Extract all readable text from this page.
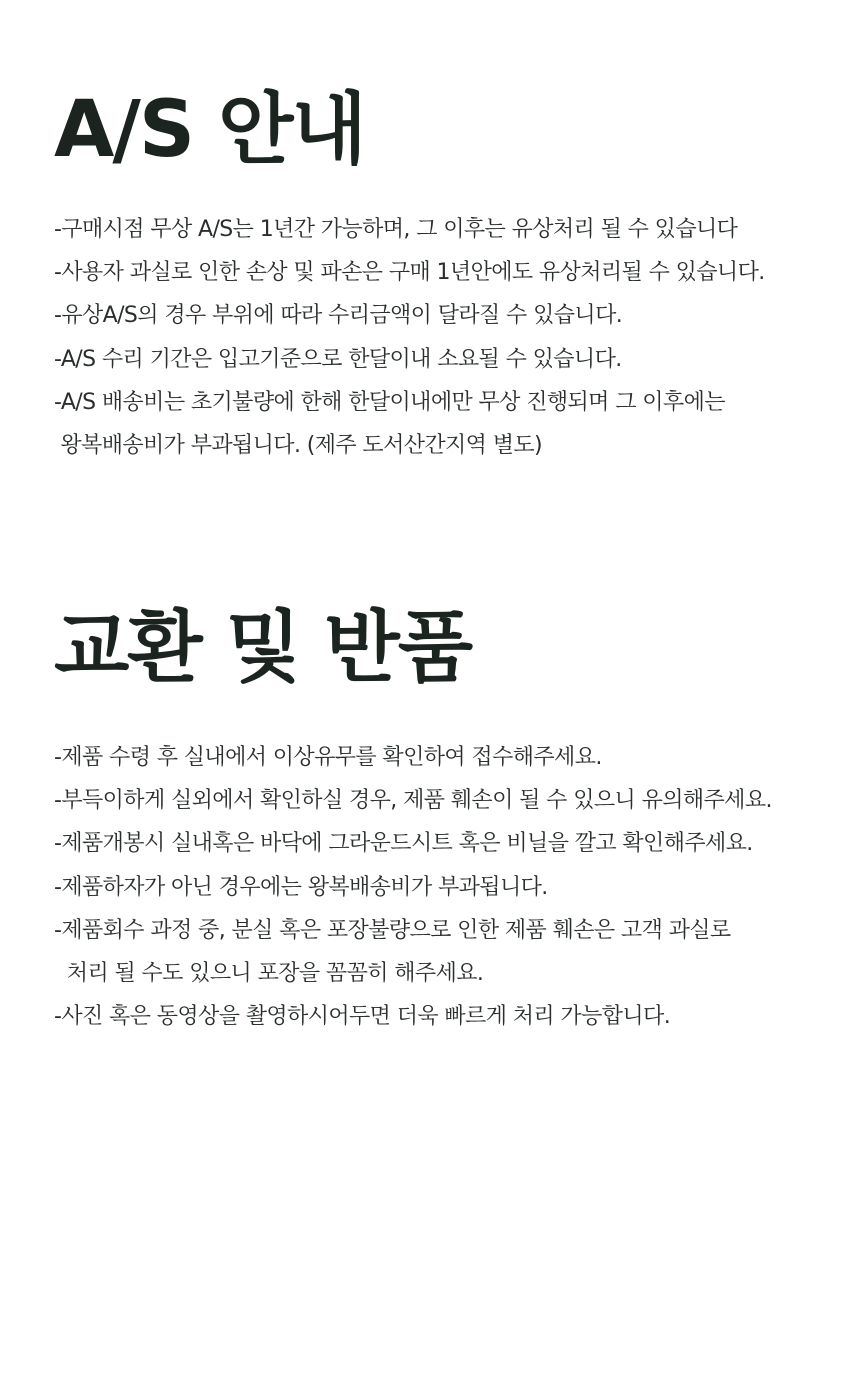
A/S 안내
-구매시점 무상 A/S는 1년간 가능하며, 그 이후는 유상처리 될 수 있습니다
-사용자 과실로 인한 손상 및 파손은 구매 1년안에도 유상처리될 수 있습니다.
-유상A/S의 경우 부위에 따라 수리금액이 달라질 수 있습니다.
-A/S 수리 기간은 입고기준으로 한달이내 소요될 수 있습니다.
-A/S 배송비는 초기불량에 한해 한달이내에만 무상 진행되며 그 이후에는
왕복배송비가 부과됩니다. (제주 도서산간지역 별도)
교환 및 반품
-제품 수령 후 실내에서 이상유무를 확인하여 접수해주세요.
-부득이하게 실외에서 확인하실 경우, 제품 훼손이 될 수 있으니 유의해주세요.
-제품개봉시 실내혹은 바닥에 그라운드시트 혹은 비닐을 깔고 확인해주세요.
-제품하자가 아닌 경우에는 왕복배송비가 부과됩니다.
-제품회수 과정 중, 분실 혹은 포장불량으로 인한 제품 훼손은 고객 과실로
처리 될 수도 있으니 포장을 꼼꼼히 해주세요.
-사진 혹은 동영상을 촬영하시어두면 더욱 빠르게 처리 가능합니다.
